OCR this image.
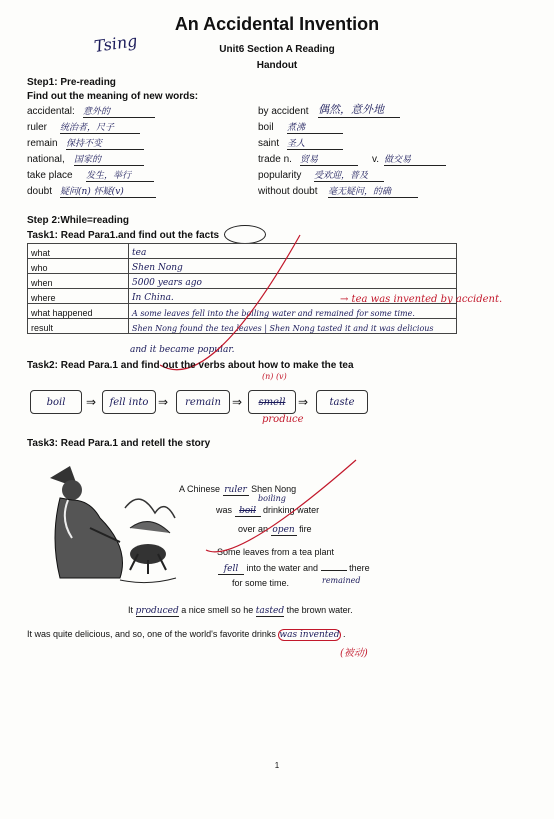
An Accidental Invention
Unit6 Section A Reading
Handout
Tsing
Step1: Pre-reading
Find out the meaning of new words:
accidental: 意外的
ruler 统治者，尺子
remain 保持不变
national, 国家的
take place 发生，举行
doubt 疑问(n) 怀疑(v)
by accident 偶然，意外地
boil 煮沸
saint 圣人
trade n. 贸易	v. 做交易
popularity 受欢迎，普及
without doubt 毫无疑问，的确
Step 2:While=reading
Task1: Read Para1.and find out the facts
what	tea
who	Shen Nong
when	5000 years ago
where	In China.
what happened	A some leaves fell into the boiling water and remained for some time.
result	Shen Nong found the tea leaves | Shen Nong tasted it and it was delicious
→ tea was invented by accident.
and it became popular.
Task2: Read Para.1 and find out the verbs about how to make the tea
(n) (v)
boil	⇒	fell into ⇒	remain ⇒	smell	⇒	taste
produce
Task3: Read Para.1 and retell the story
A Chinese ruler Shen Nong
boiling
was boil drinking water
over an open fire
Some leaves from a tea plant
fell into the water and	there
for some time.	remained
It produced a nice smell so he tasted the brown water.
It was quite delicious, and so, one of the world's favorite drinks was invented .
(被动)
1
